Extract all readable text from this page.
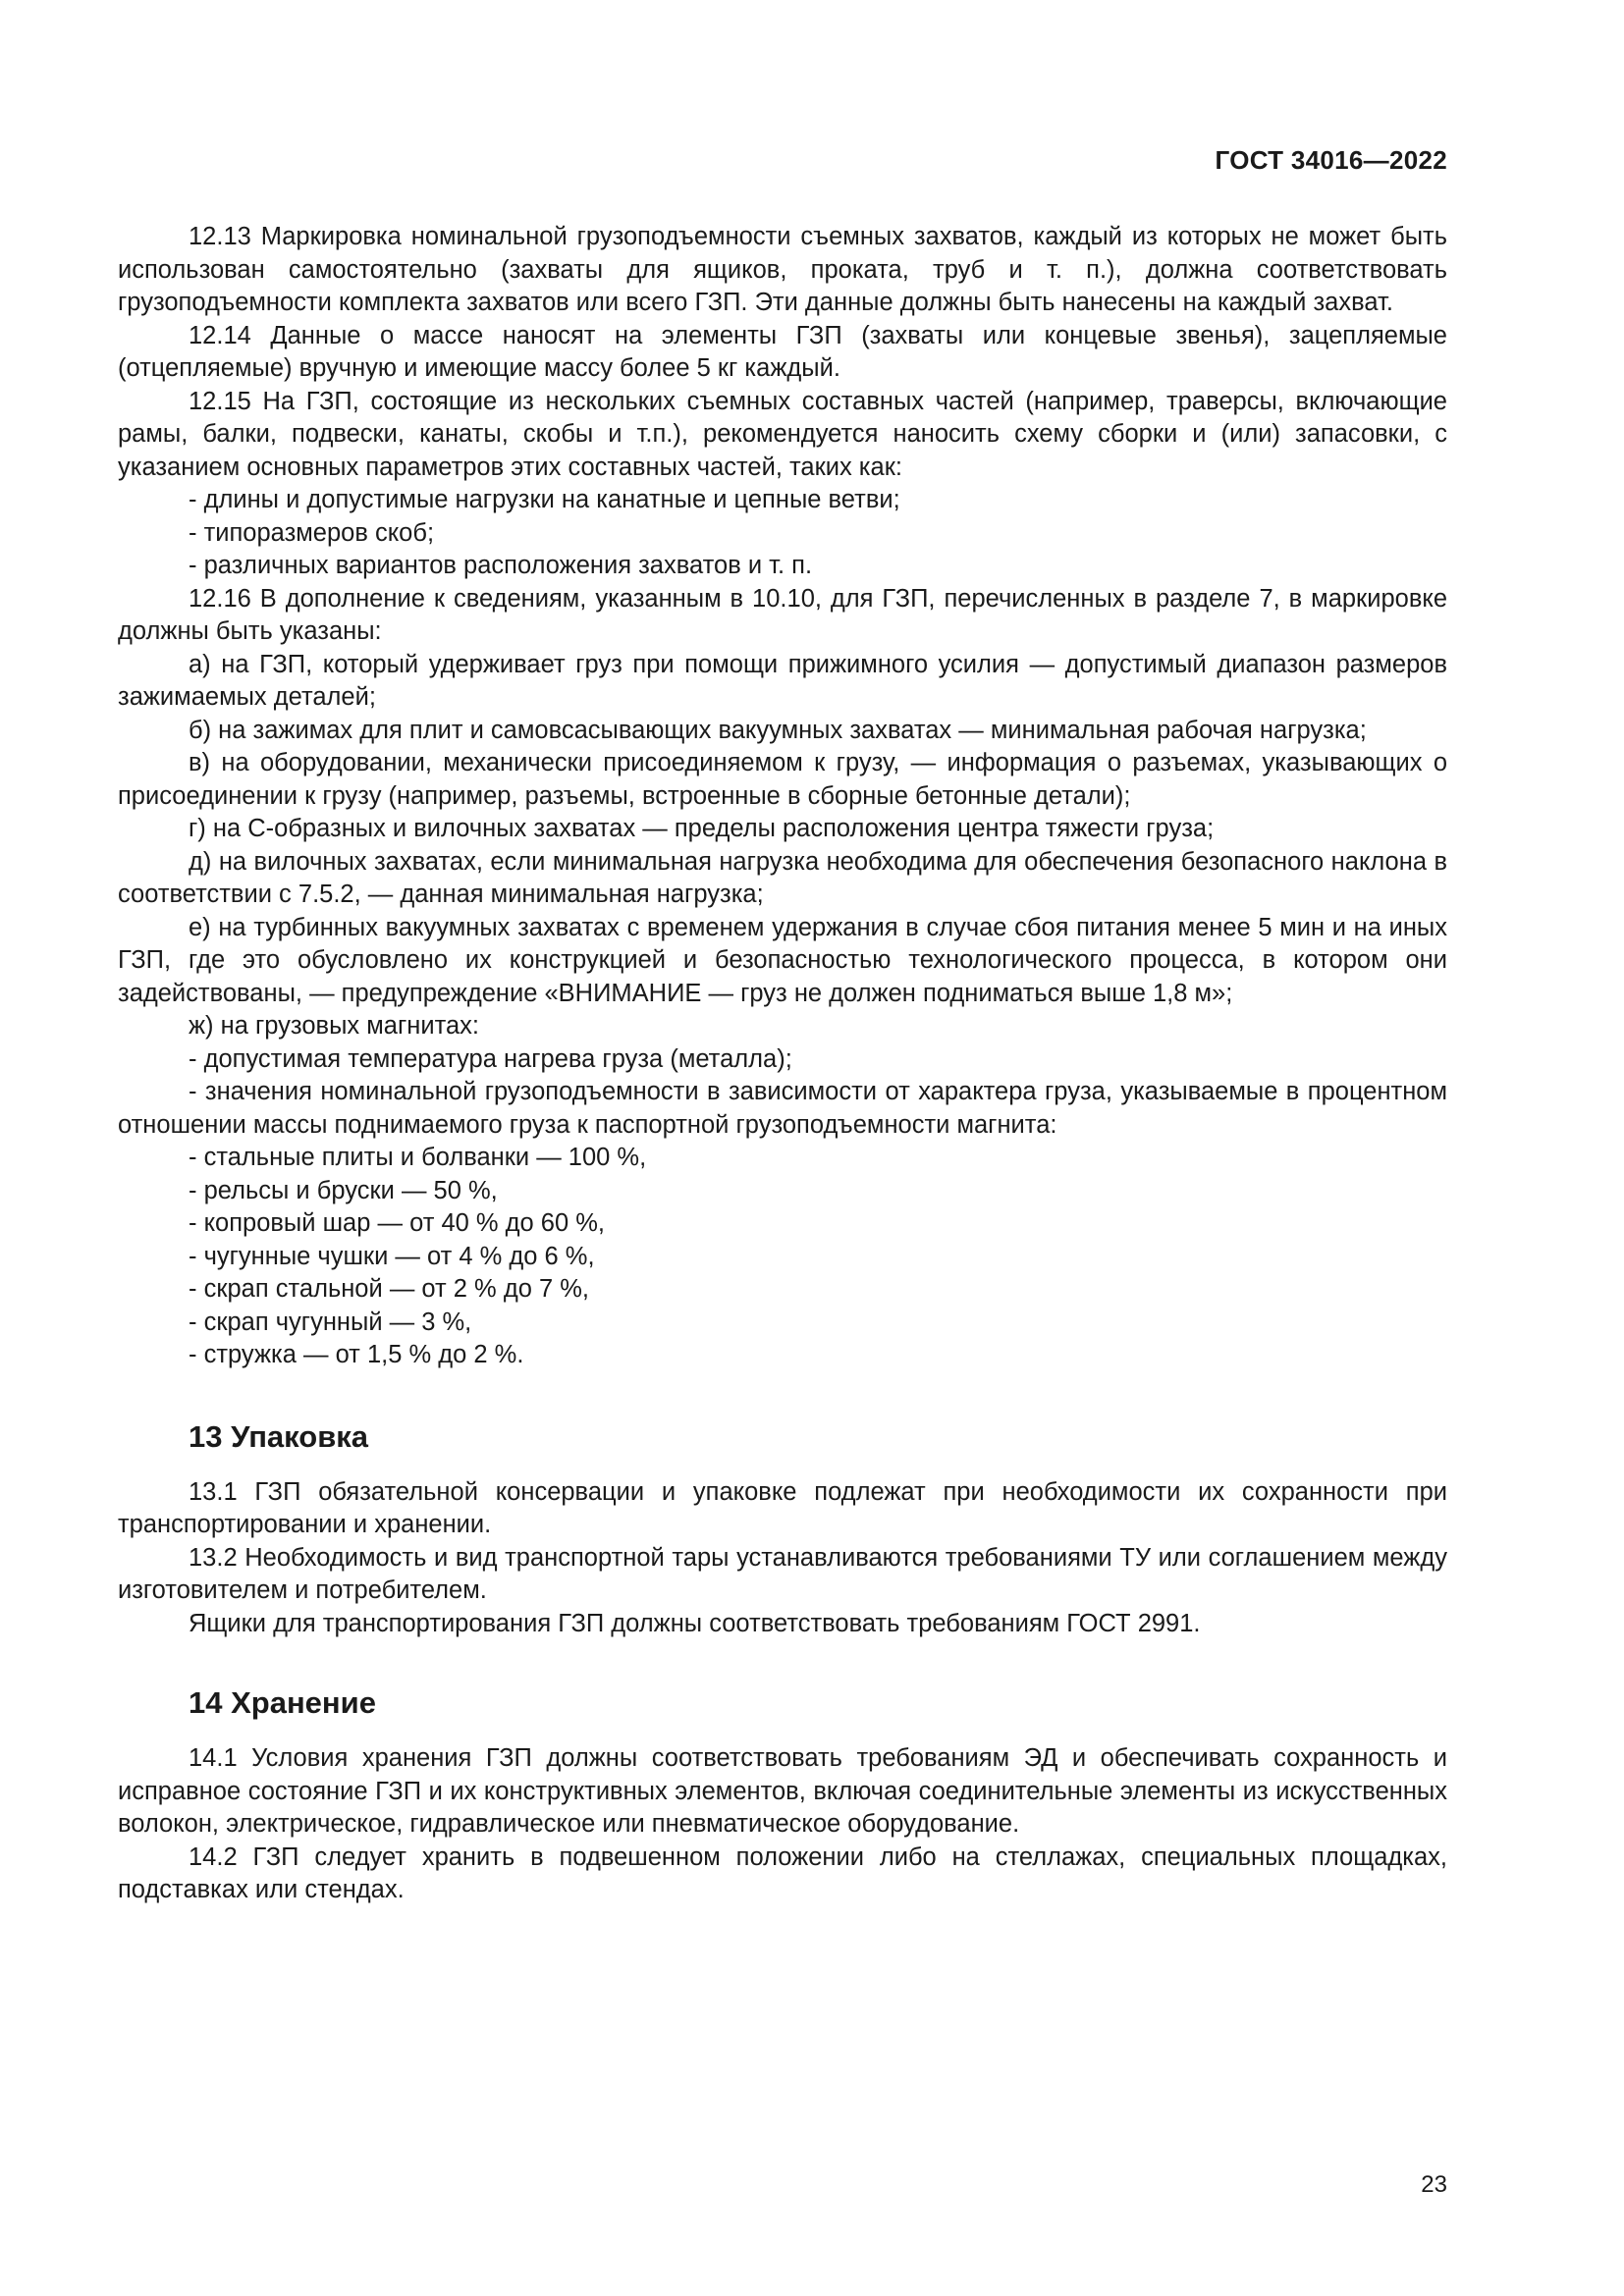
ГОСТ 34016—2022

12.13 Маркировка номинальной грузоподъемности съемных захватов, каждый из которых не может быть использован самостоятельно (захваты для ящиков, проката, труб и т. п.), должна соответствовать грузоподъемности комплекта захватов или всего ГЗП. Эти данные должны быть нанесены на каждый захват.

12.14 Данные о массе наносят на элементы ГЗП (захваты или концевые звенья), зацепляемые (отцепляемые) вручную и имеющие массу более 5 кг каждый.

12.15 На ГЗП, состоящие из нескольких съемных составных частей (например, траверсы, включающие рамы, балки, подвески, канаты, скобы и т.п.), рекомендуется наносить схему сборки и (или) запасовки, с указанием основных параметров этих составных частей, таких как:

- длины и допустимые нагрузки на канатные и цепные ветви;

- типоразмеров скоб;

- различных вариантов расположения захватов и т. п.

12.16 В дополнение к сведениям, указанным в 10.10, для ГЗП, перечисленных в разделе 7, в маркировке должны быть указаны:

а) на ГЗП, который удерживает груз при помощи прижимного усилия — допустимый диапазон размеров зажимаемых деталей;

б) на зажимах для плит и самовсасывающих вакуумных захватах — минимальная рабочая нагрузка;

в) на оборудовании, механически присоединяемом к грузу, — информация о разъемах, указывающих о присоединении к грузу (например, разъемы, встроенные в сборные бетонные детали);

г) на С-образных и вилочных захватах — пределы расположения центра тяжести груза;

д) на вилочных захватах, если минимальная нагрузка необходима для обеспечения безопасного наклона в соответствии с 7.5.2, — данная минимальная нагрузка;

е) на турбинных вакуумных захватах с временем удержания в случае сбоя питания менее 5 мин и на иных ГЗП, где это обусловлено их конструкцией и безопасностью технологического процесса, в котором они задействованы, — предупреждение «ВНИМАНИЕ — груз не должен подниматься выше 1,8 м»;

ж) на грузовых магнитах:

- допустимая температура нагрева груза (металла);

- значения номинальной грузоподъемности в зависимости от характера груза, указываемые в процентном отношении массы поднимаемого груза к паспортной грузоподъемности магнита:

- стальные плиты и болванки — 100 %,

- рельсы и бруски — 50 %,

- копровый шар — от 40 % до 60 %,

- чугунные чушки — от 4 % до 6 %,

- скрап стальной — от 2 % до 7 %,

- скрап чугунный — 3 %,

- стружка — от 1,5 % до 2 %.

13 Упаковка

13.1 ГЗП обязательной консервации и упаковке подлежат при необходимости их сохранности при транспортировании и хранении.

13.2 Необходимость и вид транспортной тары устанавливаются требованиями ТУ или соглашением между изготовителем и потребителем.

Ящики для транспортирования ГЗП должны соответствовать требованиям ГОСТ 2991.

14 Хранение

14.1 Условия хранения ГЗП должны соответствовать требованиям ЭД и обеспечивать сохранность и исправное состояние ГЗП и их конструктивных элементов, включая соединительные элементы из искусственных волокон, электрическое, гидравлическое или пневматическое оборудование.

14.2 ГЗП следует хранить в подвешенном положении либо на стеллажах, специальных площадках, подставках или стендах.

23
